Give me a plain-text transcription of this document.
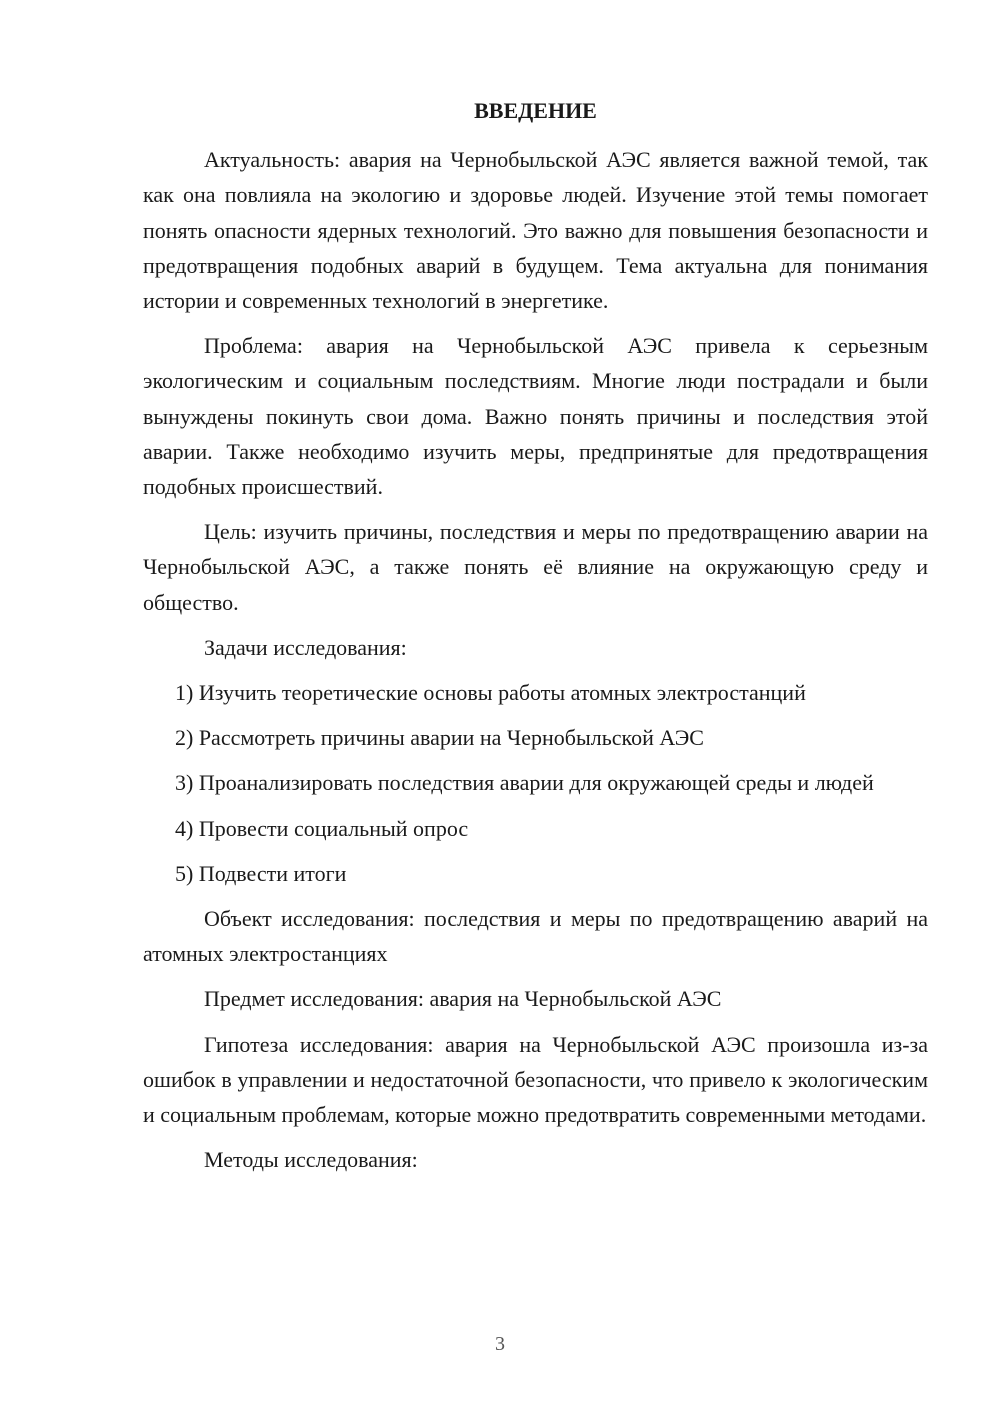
ВВЕДЕНИЕ

Актуальность: авария на Чернобыльской АЭС является важной темой, так как она повлияла на экологию и здоровье людей. Изучение этой темы помогает понять опасности ядерных технологий. Это важно для повышения безопасности и предотвращения подобных аварий в будущем. Тема актуальна для понимания истории и современных технологий в энергетике.

Проблема: авария на Чернобыльской АЭС привела к серьезным экологическим и социальным последствиям. Многие люди пострадали и были вынуждены покинуть свои дома. Важно понять причины и последствия этой аварии. Также необходимо изучить меры, предпринятые для предотвращения подобных происшествий.

Цель: изучить причины, последствия и меры по предотвращению аварии на Чернобыльской АЭС, а также понять её влияние на окружающую среду и общество.

Задачи исследования:

1) Изучить теоретические основы работы атомных электростанций

2) Рассмотреть причины аварии на Чернобыльской АЭС

3) Проанализировать последствия аварии для окружающей среды и людей

4) Провести социальный опрос

5) Подвести итоги

Объект исследования: последствия и меры по предотвращению аварий на атомных электростанциях

Предмет исследования: авария на Чернобыльской АЭС

Гипотеза исследования: авария на Чернобыльской АЭС произошла из-за ошибок в управлении и недостаточной безопасности, что привело к экологическим и социальным проблемам, которые можно предотвратить современными методами.

Методы исследования:

3
